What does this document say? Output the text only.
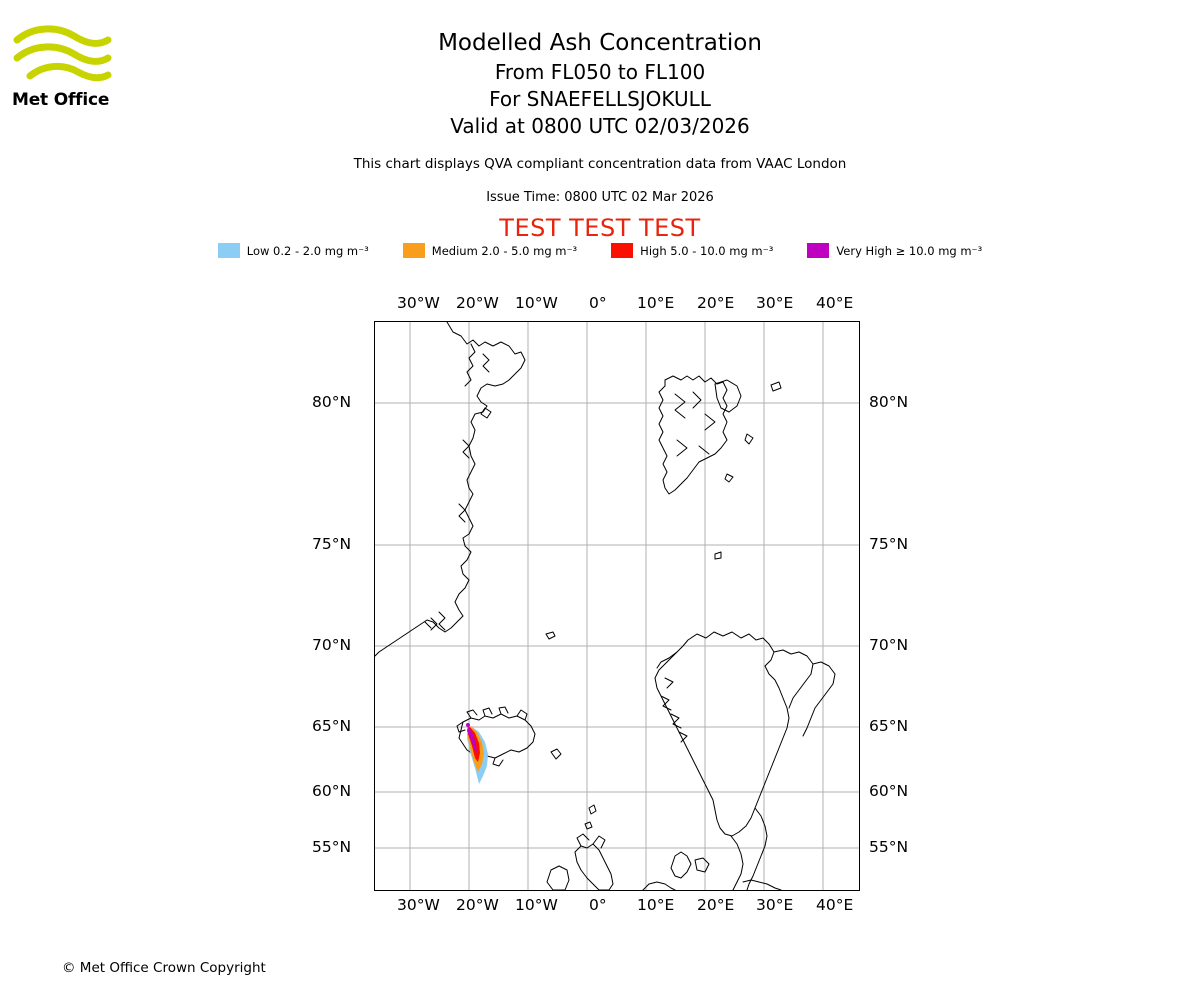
Met Office
Modelled Ash Concentration
From FL050 to FL100
For SNAEFELLSJOKULL
Valid at 0800 UTC 02/03/2026
This chart displays QVA compliant concentration data from VAAC London
Issue Time: 0800 UTC 02 Mar 2026
TEST TEST TEST
Low 0.2 - 2.0 mg m⁻³	Medium 2.0 - 5.0 mg m⁻³	High 5.0 - 10.0 mg m⁻³	Very High ≥ 10.0 mg m⁻³
30°W 20°W 10°W 0° 10°E 20°E 30°E 40°E
30°W 20°W 10°W 0° 10°E 20°E 30°E 40°E
80°N
75°N
70°N
65°N
60°N
55°N
80°N
75°N
70°N
65°N
60°N
55°N
© Met Office Crown Copyright
